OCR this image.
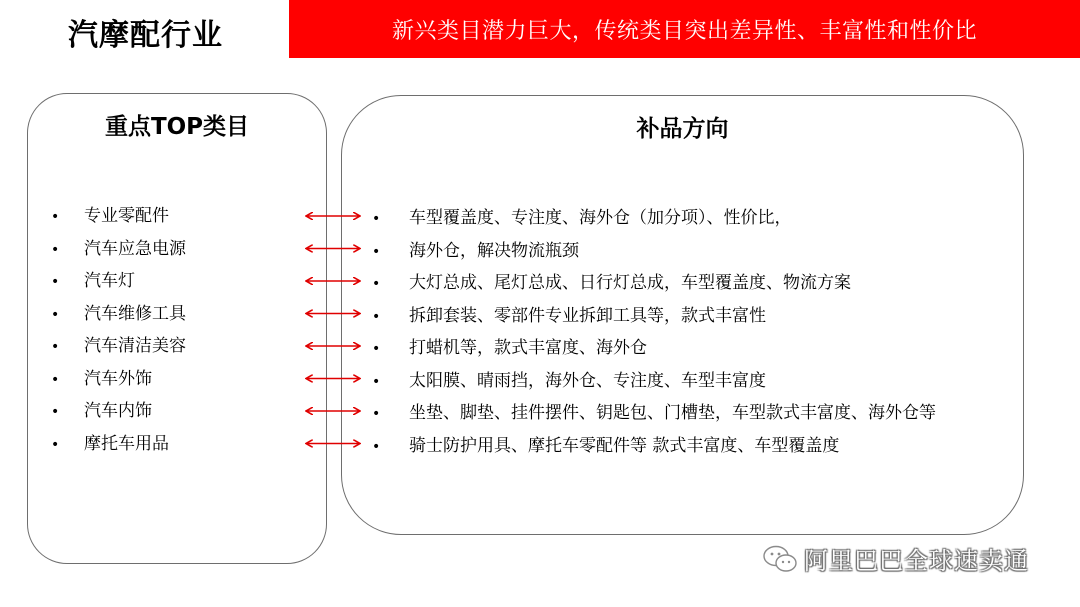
汽摩配行业	新兴类目潜力巨大，传统类目突出差异性、丰富性和性价比
重点TOP类目
• 专业零配件
• 汽车应急电源
• 汽车灯
• 汽车维修工具
• 汽车清洁美容
• 汽车外饰
• 汽车内饰
• 摩托车用品
补品方向
• 车型覆盖度、专注度、海外仓（加分项）、性价比，
• 海外仓，解决物流瓶颈
• 大灯总成、尾灯总成、日行灯总成，车型覆盖度、物流方案
• 拆卸套装、零部件专业拆卸工具等，款式丰富性
• 打蜡机等，款式丰富度、海外仓
• 太阳膜、晴雨挡，海外仓、专注度、车型丰富度
• 坐垫、脚垫、挂件摆件、钥匙包、门槽垫，车型款式丰富度、海外仓等
• 骑士防护用具、摩托车零配件等 款式丰富度、车型覆盖度
阿里巴巴全球速卖通
